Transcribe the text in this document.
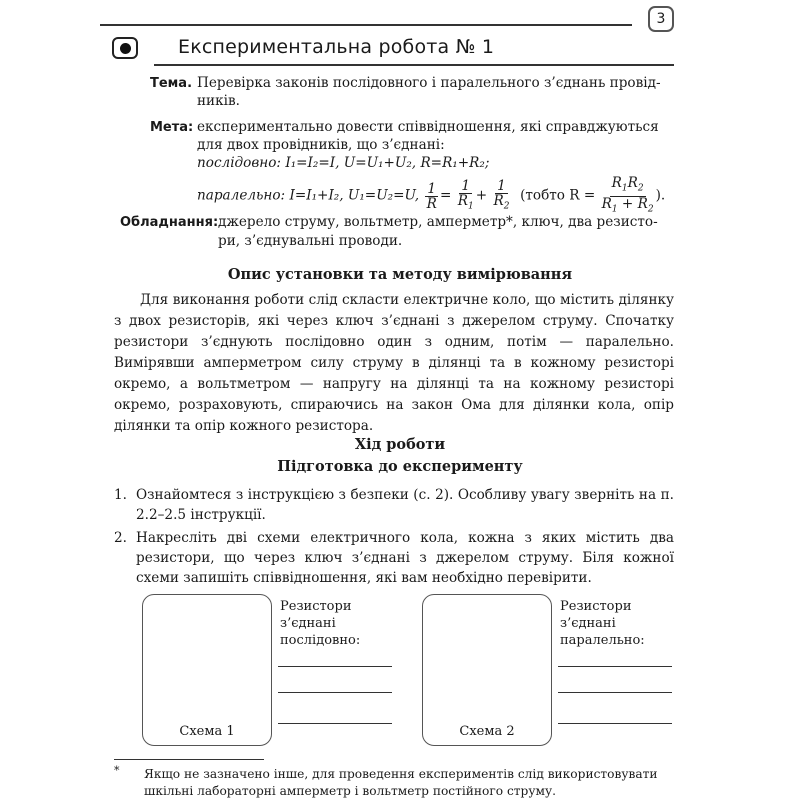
3
Експериментальна робота № 1
Тема. Перевірка законів послідовного і паралельного з’єднань провід-
ників.
Мета: експериментально довести співвідношення, які справджуються
для двох провідників, що з’єднані:
послідовно: I₁=I₂=I, U=U₁+U₂, R=R₁+R₂;
паралельно: I=I₁+I₂, U₁=U₂=U, $\frac{1}{R} = \frac{1}{R_1} + \frac{1}{R_2}$ (тобто $R = \frac{R_1R_2}{R_1 + R_2}$ ).
Обладнання: джерело струму, вольтметр, амперметр*, ключ, два резисто-
ри, з’єднувальні проводи.
Опис установки та методу вимірювання
Для виконання роботи слід скласти електричне коло, що містить ділянку з двох резисторів, які через ключ з’єднані з джерелом струму. Спочатку резистори з’єднують послідовно один з одним, потім — паралельно. Вимірявши амперметром силу струму в ділянці та в кожному резисторі окремо, а вольтметром — напругу на ділянці та на кожному резисторі окремо, розраховують, спираючись на закон Ома для ділянки кола, опір ділянки та опір кожного резистора.
Хід роботи
Підготовка до експерименту
1. Ознайомтеся з інструкцією з безпеки (с. 2). Особливу увагу зверніть на п. 2.2–2.5 інструкції.
2. Накресліть дві схеми електричного кола, кожна з яких містить два резистори, що через ключ з’єднані з джерелом струму. Біля кожної схеми запишіть співвідношення, які вам необхідно перевірити.
Схема 1
Резистори
з’єднані
послідовно:
Схема 2
Резистори
з’єднані
паралельно:
* Якщо не зазначено інше, для проведення експериментів слід використовувати шкільні лабораторні амперметр і вольтметр постійного струму.
